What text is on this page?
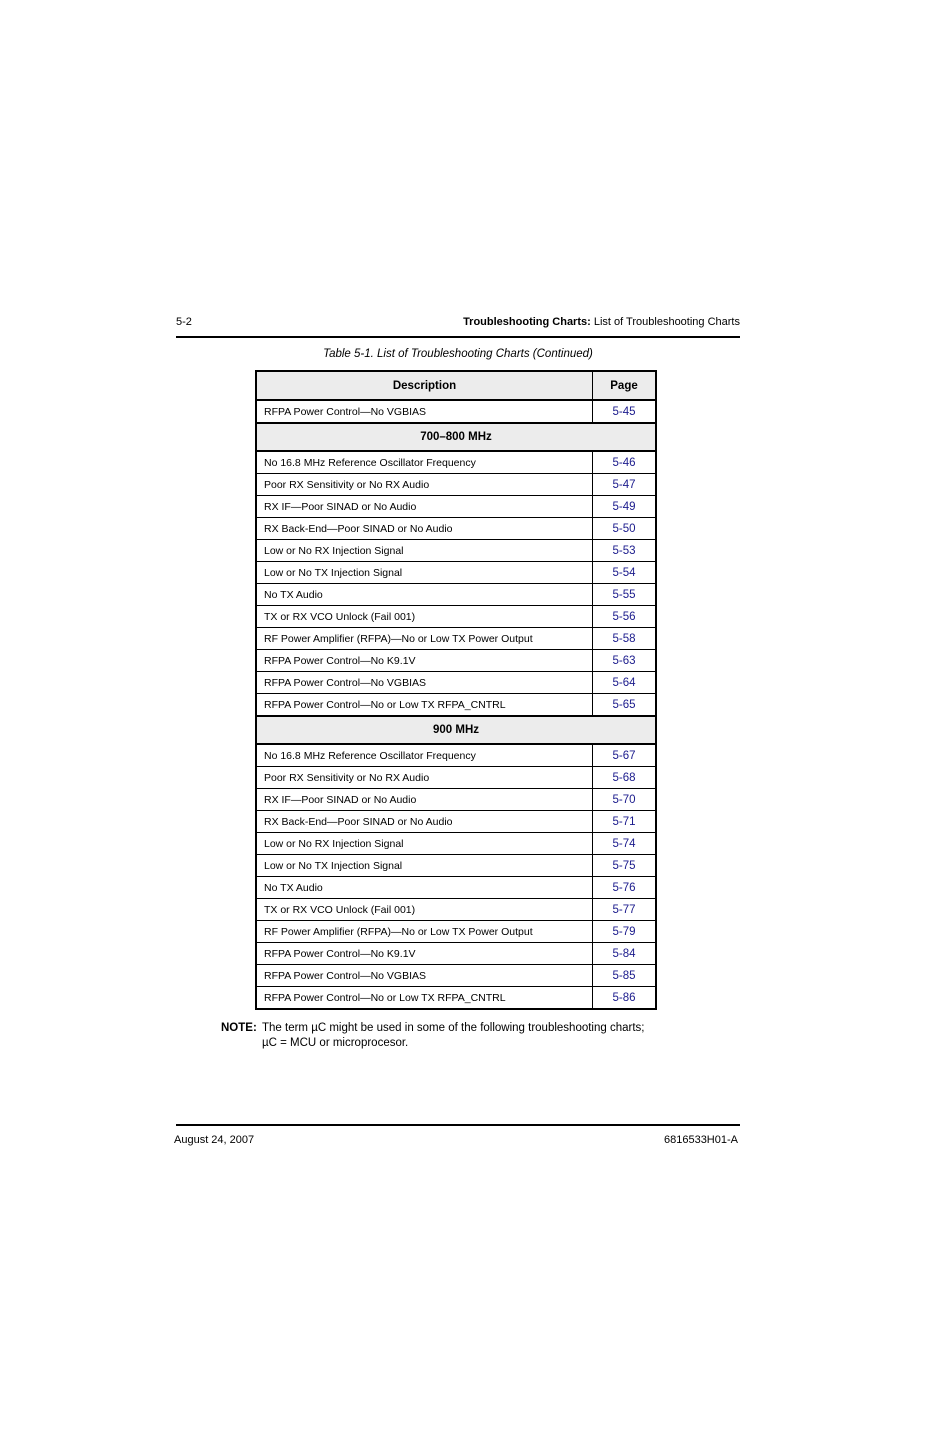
5-2	Troubleshooting Charts: List of Troubleshooting Charts
Table 5-1. List of Troubleshooting Charts (Continued)
Description	Page
RFPA Power Control—No VGBIAS	5-45
700–800 MHz	
No 16.8 MHz Reference Oscillator Frequency	5-46
Poor RX Sensitivity or No RX Audio	5-47
RX IF—Poor SINAD or No Audio	5-49
RX Back-End—Poor SINAD or No Audio	5-50
Low or No RX Injection Signal	5-53
Low or No TX Injection Signal	5-54
No TX Audio	5-55
TX or RX VCO Unlock (Fail 001)	5-56
RF Power Amplifier (RFPA)—No or Low TX Power Output	5-58
RFPA Power Control—No K9.1V	5-63
RFPA Power Control—No VGBIAS	5-64
RFPA Power Control—No or Low TX RFPA_CNTRL	5-65
900 MHz	
No 16.8 MHz Reference Oscillator Frequency	5-67
Poor RX Sensitivity or No RX Audio	5-68
RX IF—Poor SINAD or No Audio	5-70
RX Back-End—Poor SINAD or No Audio	5-71
Low or No RX Injection Signal	5-74
Low or No TX Injection Signal	5-75
No TX Audio	5-76
TX or RX VCO Unlock (Fail 001)	5-77
RF Power Amplifier (RFPA)—No or Low TX Power Output	5-79
RFPA Power Control—No K9.1V	5-84
RFPA Power Control—No VGBIAS	5-85
RFPA Power Control—No or Low TX RFPA_CNTRL	5-86
NOTE: The term µC might be used in some of the following troubleshooting charts;
µC = MCU or microprocesor.
August 24, 2007	6816533H01-A
